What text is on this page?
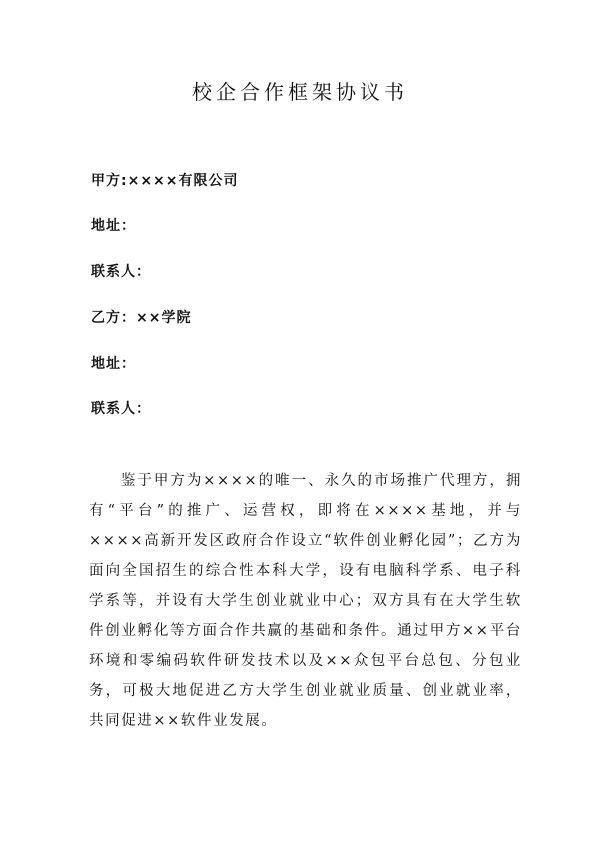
校企合作框架协议书
甲方:××××有限公司
地址：
联系人：
乙方：××学院
地址：
联系人：
鉴于甲方为××××的唯一、永久的市场推广代理方，拥有“平台”的推广、运营权，即将在××××基地，并与××××高新开发区政府合作设立“软件创业孵化园”；乙方为面向全国招生的综合性本科大学，设有电脑科学系、电子科学系等，并设有大学生创业就业中心；双方具有在大学生软件创业孵化等方面合作共赢的基础和条件。通过甲方××平台环境和零编码软件研发技术以及××众包平台总包、分包业务，可极大地促进乙方大学生创业就业质量、创业就业率，共同促进××软件业发展。
